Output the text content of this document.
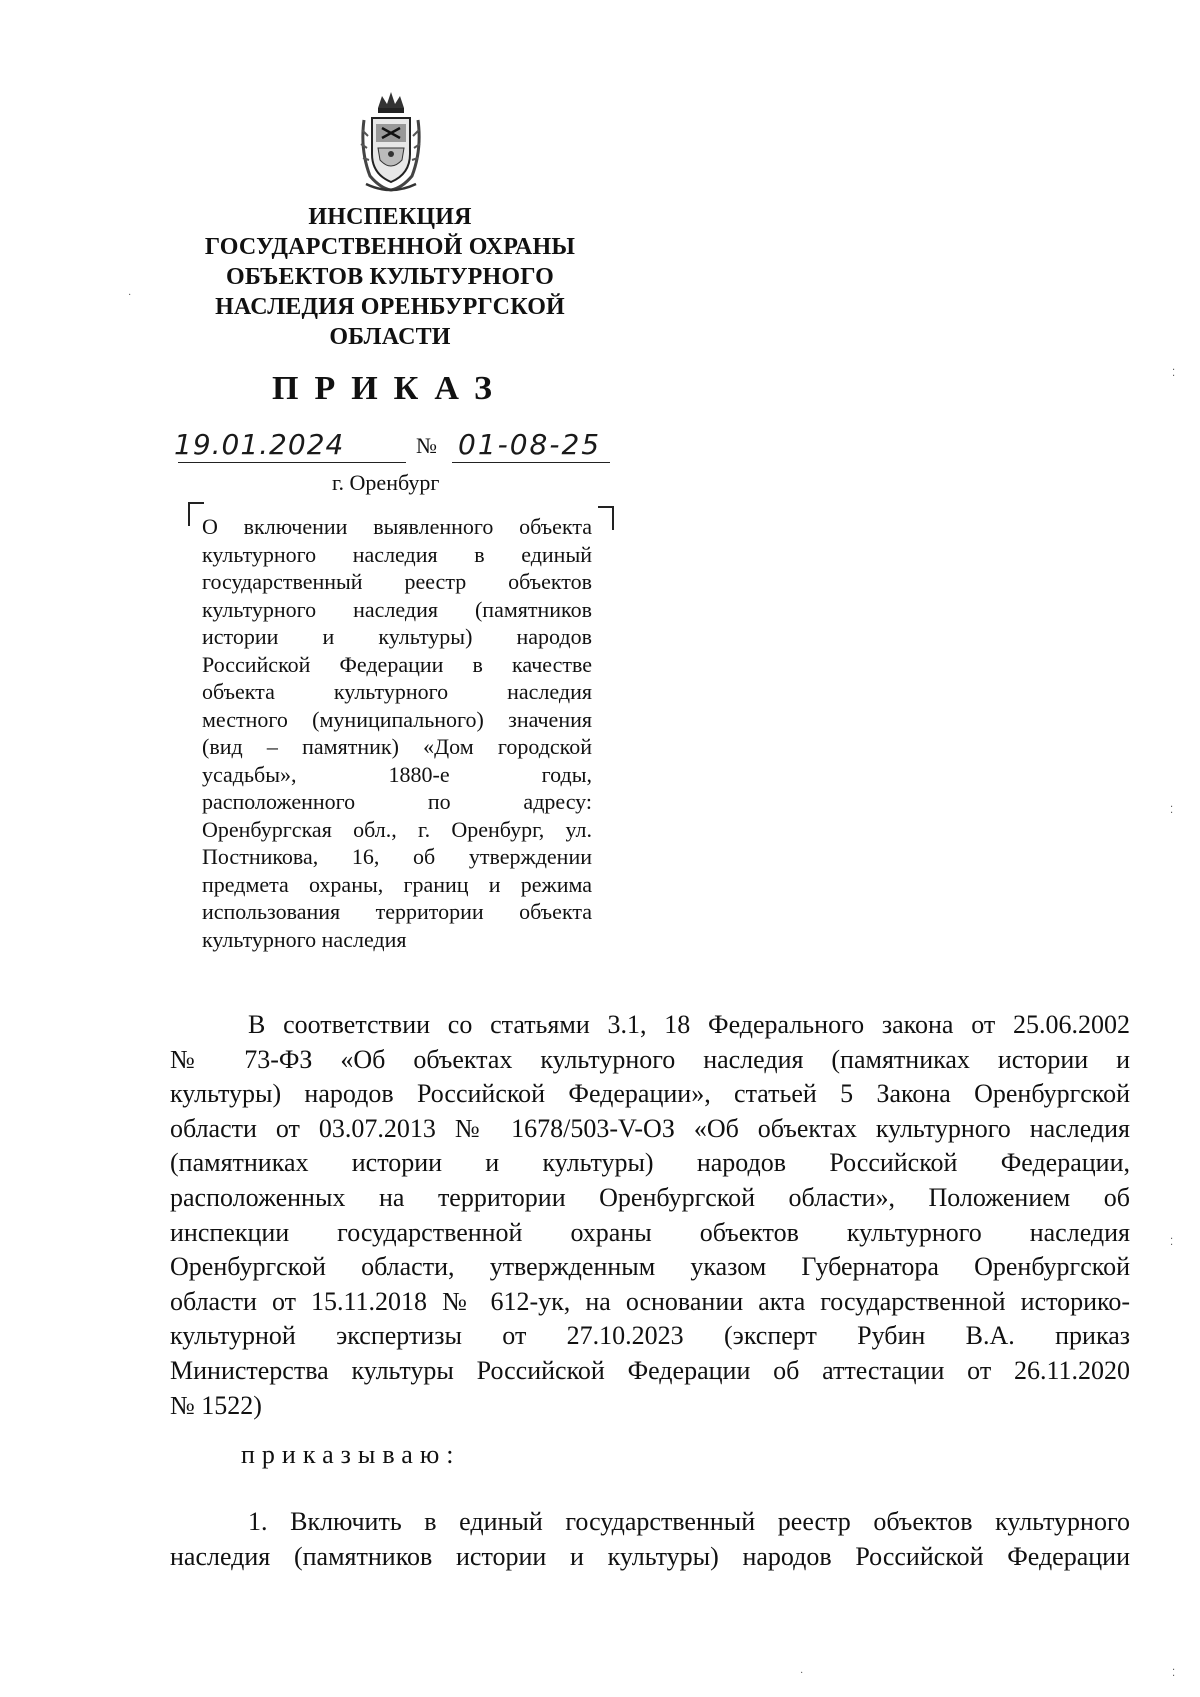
ИНСПЕКЦИЯ
ГОСУДАРСТВЕННОЙ ОХРАНЫ
ОБЪЕКТОВ КУЛЬТУРНОГО
НАСЛЕДИЯ ОРЕНБУРГСКОЙ
ОБЛАСТИ
ПРИКАЗ
19.01.2024	№ 01-08-25
г. Оренбург
О включении выявленного объекта
культурного наследия в единый
государственный реестр объектов
культурного наследия (памятников
истории и культуры) народов
Российской Федерации в качестве
объекта культурного наследия
местного (муниципального) значения
(вид – памятник) «Дом городской
усадьбы», 1880-е годы,
расположенного по адресу:
Оренбургская обл., г. Оренбург, ул.
Постникова, 16, об утверждении
предмета охраны, границ и режима
использования территории объекта
культурного наследия
В соответствии со статьями 3.1, 18 Федерального закона от 25.06.2002
№ 73-ФЗ «Об объектах культурного наследия (памятниках истории и
культуры) народов Российской Федерации», статьей 5 Закона Оренбургской
области от 03.07.2013 № 1678/503-V-ОЗ «Об объектах культурного наследия
(памятниках истории и культуры) народов Российской Федерации,
расположенных на территории Оренбургской области», Положением об
инспекции государственной охраны объектов культурного наследия
Оренбургской области, утвержденным указом Губернатора Оренбургской
области от 15.11.2018 № 612-ук, на основании акта государственной историко-
культурной экспертизы от 27.10.2023 (эксперт Рубин В.А. приказ
Министерства культуры Российской Федерации об аттестации от 26.11.2020
№ 1522)
приказываю:
1. Включить в единый государственный реестр объектов культурного
наследия (памятников истории и культуры) народов Российской Федерации
⁚
⁚
⁚
⁚
·
·
